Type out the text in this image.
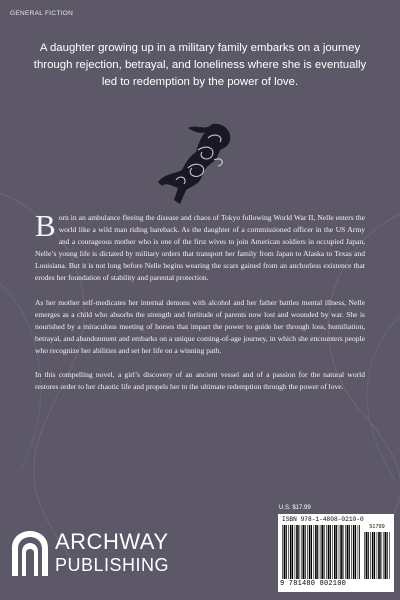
GENERAL FICTION
A daughter growing up in a military family embarks on a journey through rejection, betrayal, and loneliness where she is eventually led to redemption by the power of love.

Born in an ambulance fleeing the disease and chaos of Tokyo following World War II, Nelle enters the world like a wild man riding bareback. As the daughter of a commissioned officer in the US Army and a courageous mother who is one of the first wives to join American soldiers in occupied Japan, Nelle’s young life is dictated by military orders that transport her family from Japan to Alaska to Texas and Louisiana. But it is not long before Nelle begins wearing the scars gained from an anchorless existence that erodes her foundation of stability and parental protection.

As her mother self-medicates her internal demons with alcohol and her father battles mental illness, Nelle emerges as a child who absorbs the strength and fortitude of parents now lost and wounded by war. She is nourished by a miraculous meeting of horses that impart the power to guide her through loss, humiliation, betrayal, and abandonment and embarks on a unique coming-of-age journey, in which she encounters people who recognize her abilities and set her life on a winning path.

In this compelling novel, a girl’s discovery of an ancient vessel and of a passion for the natural world restores order to her chaotic life and propels her to the ultimate redemption through the power of love.

ARCHWAY
PUBLISHING
U.S. $17.99
ISBN 978-1-4808-0210-0
51799
9 781480 802100
